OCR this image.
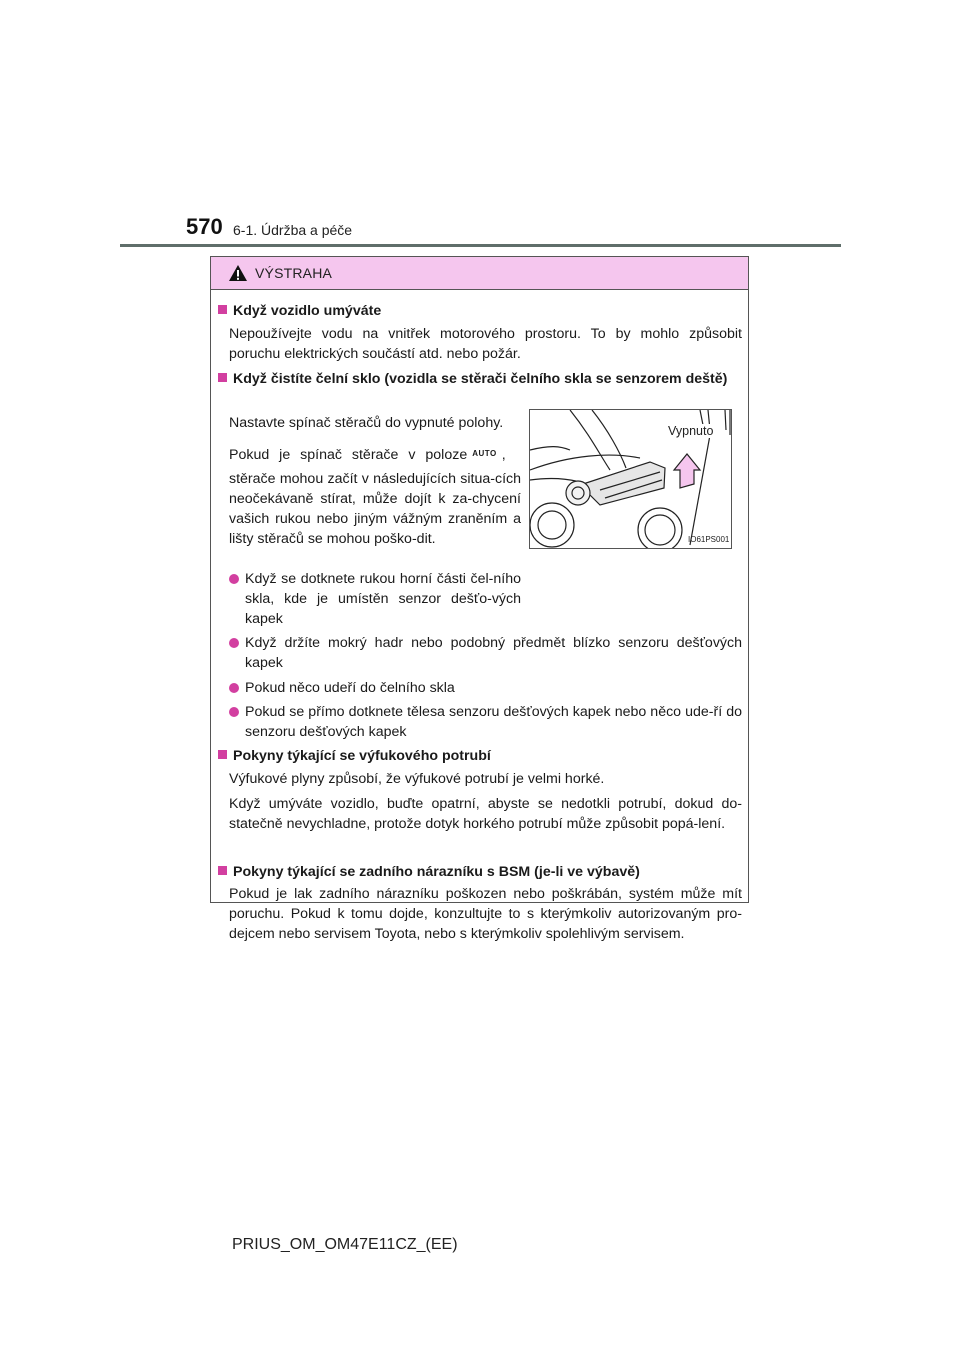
570 6-1. Údržba a péče
VÝSTRAHA
Když vozidlo umýváte
Nepoužívejte vodu na vnitřek motorového prostoru. To by mohlo způsobit poruchu elektrických součástí atd. nebo požár.
Když čistíte čelní sklo (vozidla se stěrači čelního skla se senzorem deště)
Nastavte spínač stěračů do vypnuté polohy.
Pokud je spínač stěrače v poloze AUTO ,
stěrače mohou začít v následujících situa-cích neočekávaně stírat, může dojít k za-chycení vašich rukou nebo jiným vážným zraněním a lišty stěračů se mohou poško-dit.
Když se dotknete rukou horní části čel-ního skla, kde je umístěn senzor dešťo-vých kapek
Vypnuto
IO61PS001
Když držíte mokrý hadr nebo podobný předmět blízko senzoru dešťových kapek
Pokud něco udeří do čelního skla
Pokud se přímo dotknete tělesa senzoru dešťových kapek nebo něco ude-ří do senzoru dešťových kapek
Pokyny týkající se výfukového potrubí
Výfukové plyny způsobí, že výfukové potrubí je velmi horké.
Když umýváte vozidlo, buďte opatrní, abyste se nedotkli potrubí, dokud do-statečně nevychladne, protože dotyk horkého potrubí může způsobit popá-lení.
Pokyny týkající se zadního nárazníku s BSM (je-li ve výbavě)
Pokud je lak zadního nárazníku poškozen nebo poškrábán, systém může mít poruchu. Pokud k tomu dojde, konzultujte to s kterýmkoliv autorizovaným pro-dejcem nebo servisem Toyota, nebo s kterýmkoliv spolehlivým servisem.
PRIUS_OM_OM47E11CZ_(EE)
